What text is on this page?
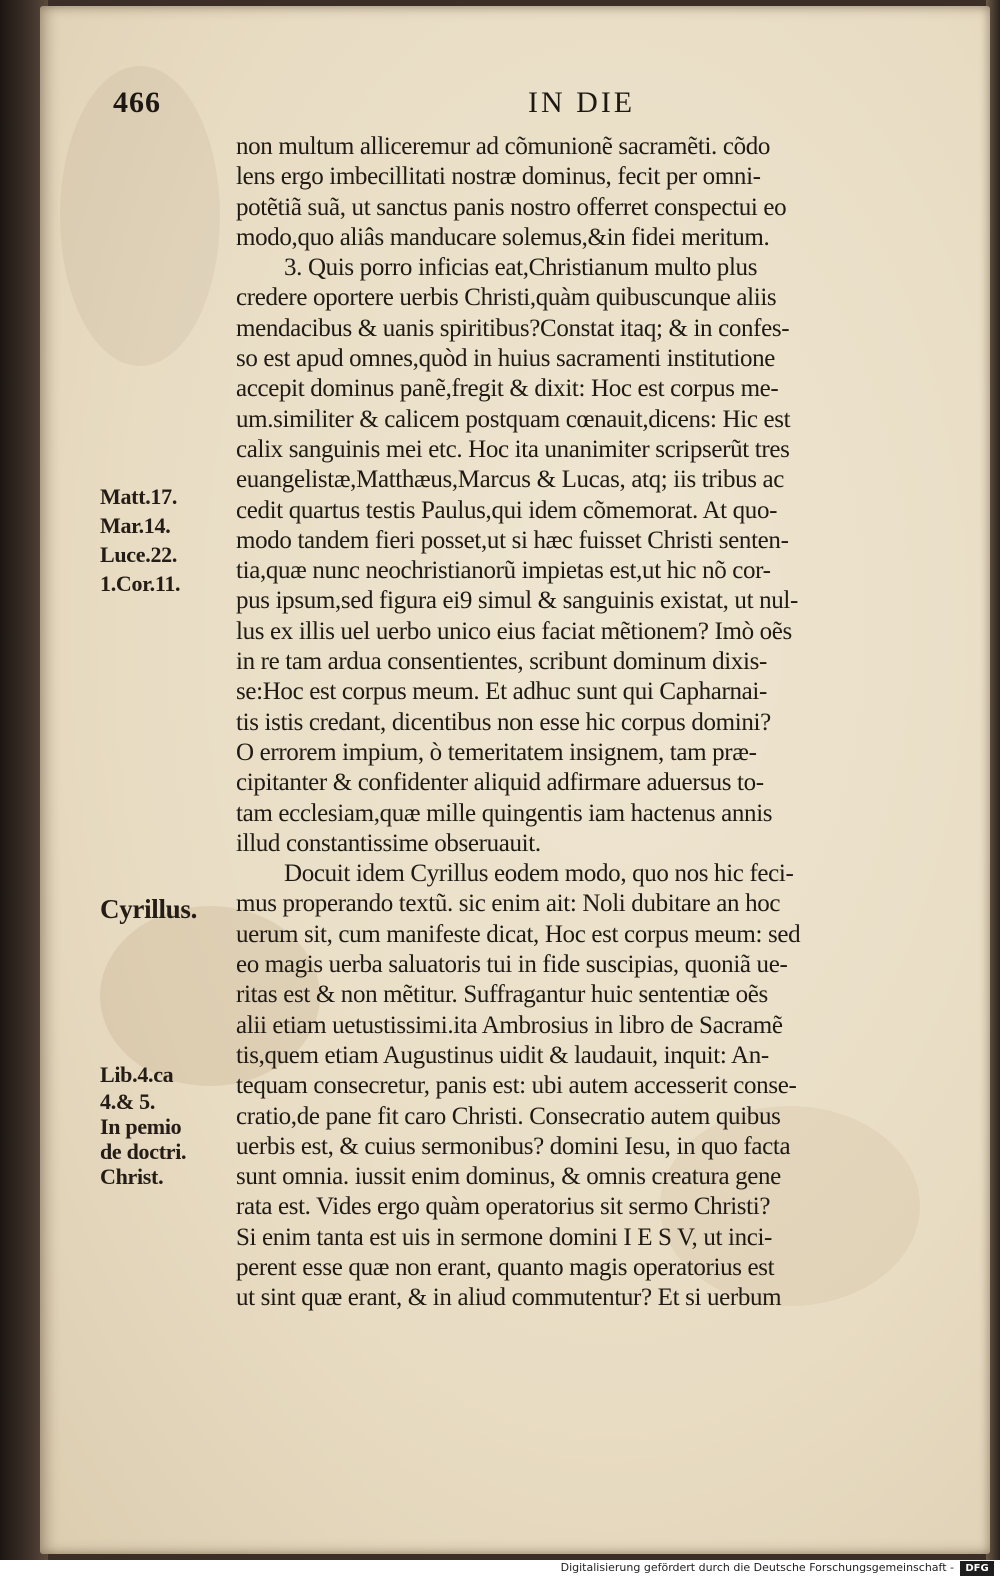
466	IN DIE
non multum alliceremur ad cõmunionẽ sacramẽti. cõdo
lens ergo imbecillitati nostræ dominus, fecit per omni-
potẽtiã suã, ut sanctus panis nostro offerret conspectui eo
modo,quo aliâs manducare solemus,&in fidei meritum.
3. Quis porro inficias eat,Christianum multo plus
credere oportere uerbis Christi,quàm quibuscunque aliis
mendacibus & uanis spiritibus?Constat itaq; & in confes-
so est apud omnes,quòd in huius sacramenti institutione
accepit dominus panẽ,fregit & dixit: Hoc est corpus me-
um.similiter & calicem postquam cœnauit,dicens: Hic est
calix sanguinis mei etc. Hoc ita unanimiter scripserũt tres
euangelistæ,Matthæus,Marcus & Lucas, atq; iis tribus ac
cedit quartus testis Paulus,qui idem cõmemorat. At quo-
modo tandem fieri posset,ut si hæc fuisset Christi senten-
tia,quæ nunc neochristianorũ impietas est,ut hic nõ cor-
pus ipsum,sed figura ei9 simul & sanguinis existat, ut nul-
lus ex illis uel uerbo unico eius faciat mẽtionem? Imò oẽs
in re tam ardua consentientes, scribunt dominum dixis-
se:Hoc est corpus meum. Et adhuc sunt qui Capharnai-
tis istis credant, dicentibus non esse hic corpus domini?
O errorem impium, ò temeritatem insignem, tam præ-
cipitanter & confidenter aliquid adfirmare aduersus to-
tam ecclesiam,quæ mille quingentis iam hactenus annis
illud constantissime obseruauit.
Docuit idem Cyrillus eodem modo, quo nos hic feci-
mus properando textũ. sic enim ait: Noli dubitare an hoc
uerum sit, cum manifeste dicat, Hoc est corpus meum: sed
eo magis uerba saluatoris tui in fide suscipias, quoniã ue-
ritas est & non mẽtitur. Suffragantur huic sententiæ oẽs
alii etiam uetustissimi.ita Ambrosius in libro de Sacramẽ
tis,quem etiam Augustinus uidit & laudauit, inquit: An-
tequam consecretur, panis est: ubi autem accesserit conse-
cratio,de pane fit caro Christi. Consecratio autem quibus
uerbis est, & cuius sermonibus? domini Iesu, in quo facta
sunt omnia. iussit enim dominus, & omnis creatura gene
rata est. Vides ergo quàm operatorius sit sermo Christi?
Si enim tanta est uis in sermone domini I E S V, ut inci-
perent esse quæ non erant, quanto magis operatorius est
ut sint quæ erant, & in aliud commutentur? Et si uerbum
Matt.17.
Mar.14.
Luce.22.
1.Cor.11.
Cyrillus.
Lib.4.ca
4.& 5.
In pemio
de doctri.
Christ.
Digitalisierung gefördert durch die Deutsche Forschungsgemeinschaft -	DFG
